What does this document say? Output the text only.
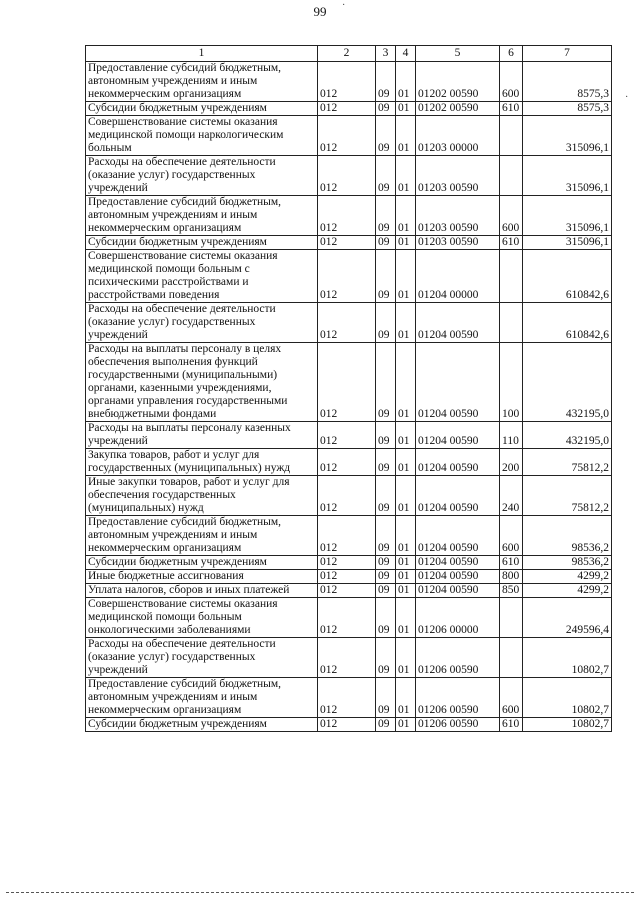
99
1	2	3	4	5	6	7
Предоставление субсидий бюджетным, автономным учреждениям и иным некоммерческим организациям	012	09	01	01202 00590	600	8575,3
Субсидии бюджетным учреждениям	012	09	01	01202 00590	610	8575,3
Совершенствование системы оказания медицинской помощи наркологическим больным	012	09	01	01203 00000		315096,1
Расходы на обеспечение деятельности (оказание услуг) государственных учреждений	012	09	01	01203 00590		315096,1
Предоставление субсидий бюджетным, автономным учреждениям и иным некоммерческим организациям	012	09	01	01203 00590	600	315096,1
Субсидии бюджетным учреждениям	012	09	01	01203 00590	610	315096,1
Совершенствование системы оказания медицинской помощи больным с психическими расстройствами и расстройствами поведения	012	09	01	01204 00000		610842,6
Расходы на обеспечение деятельности (оказание услуг) государственных учреждений	012	09	01	01204 00590		610842,6
Расходы на выплаты персоналу в целях обеспечения выполнения функций государственными (муниципальными) органами, казенными учреждениями, органами управления государственными внебюджетными фондами	012	09	01	01204 00590	100	432195,0
Расходы на выплаты персоналу казенных учреждений	012	09	01	01204 00590	110	432195,0
Закупка товаров, работ и услуг для государственных (муниципальных) нужд	012	09	01	01204 00590	200	75812,2
Иные закупки товаров, работ и услуг для обеспечения государственных (муниципальных) нужд	012	09	01	01204 00590	240	75812,2
Предоставление субсидий бюджетным, автономным учреждениям и иным некоммерческим организациям	012	09	01	01204 00590	600	98536,2
Субсидии бюджетным учреждениям	012	09	01	01204 00590	610	98536,2
Иные бюджетные ассигнования	012	09	01	01204 00590	800	4299,2
Уплата налогов, сборов и иных платежей	012	09	01	01204 00590	850	4299,2
Совершенствование системы оказания медицинской помощи больным онкологическими заболеваниями	012	09	01	01206 00000		249596,4
Расходы на обеспечение деятельности (оказание услуг) государственных учреждений	012	09	01	01206 00590		10802,7
Предоставление субсидий бюджетным, автономным учреждениям и иным некоммерческим организациям	012	09	01	01206 00590	600	10802,7
Субсидии бюджетным учреждениям	012	09	01	01206 00590	610	10802,7
·
·
